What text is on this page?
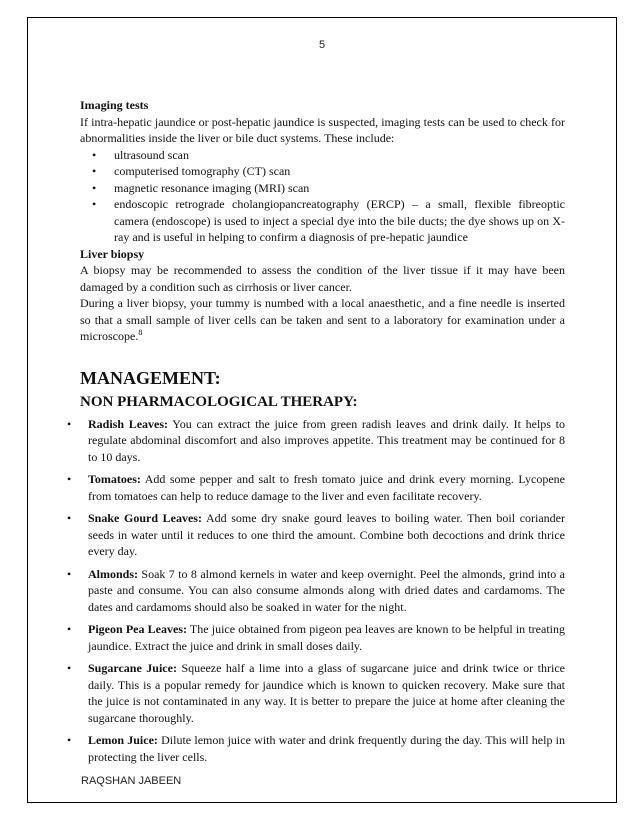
5

Imaging tests

If intra-hepatic jaundice or post-hepatic jaundice is suspected, imaging tests can be used to check for abnormalities inside the liver or bile duct systems. These include:

• ultrasound scan
• computerised tomography (CT) scan
• magnetic resonance imaging (MRI) scan
• endoscopic retrograde cholangiopancreatography (ERCP) – a small, flexible fibreoptic camera (endoscope) is used to inject a special dye into the bile ducts; the dye shows up on X-ray and is useful in helping to confirm a diagnosis of pre-hepatic jaundice

Liver biopsy

A biopsy may be recommended to assess the condition of the liver tissue if it may have been damaged by a condition such as cirrhosis or liver cancer.

During a liver biopsy, your tummy is numbed with a local anaesthetic, and a fine needle is inserted so that a small sample of liver cells can be taken and sent to a laboratory for examination under a microscope.$^8$

MANAGEMENT:
NON PHARMACOLOGICAL THERAPY:
• Radish Leaves: You can extract the juice from green radish leaves and drink daily. It helps to regulate abdominal discomfort and also improves appetite. This treatment may be continued for 8 to 10 days.
• Tomatoes: Add some pepper and salt to fresh tomato juice and drink every morning. Lycopene from tomatoes can help to reduce damage to the liver and even facilitate recovery.
• Snake Gourd Leaves: Add some dry snake gourd leaves to boiling water. Then boil coriander seeds in water until it reduces to one third the amount. Combine both decoctions and drink thrice every day.
• Almonds: Soak 7 to 8 almond kernels in water and keep overnight. Peel the almonds, grind into a paste and consume. You can also consume almonds along with dried dates and cardamoms. The dates and cardamoms should also be soaked in water for the night.
• Pigeon Pea Leaves: The juice obtained from pigeon pea leaves are known to be helpful in treating jaundice. Extract the juice and drink in small doses daily.
• Sugarcane Juice: Squeeze half a lime into a glass of sugarcane juice and drink twice or thrice daily. This is a popular remedy for jaundice which is known to quicken recovery. Make sure that the juice is not contaminated in any way. It is better to prepare the juice at home after cleaning the sugarcane thoroughly.
• Lemon Juice: Dilute lemon juice with water and drink frequently during the day. This will help in protecting the liver cells.
RAQSHAN JABEEN
